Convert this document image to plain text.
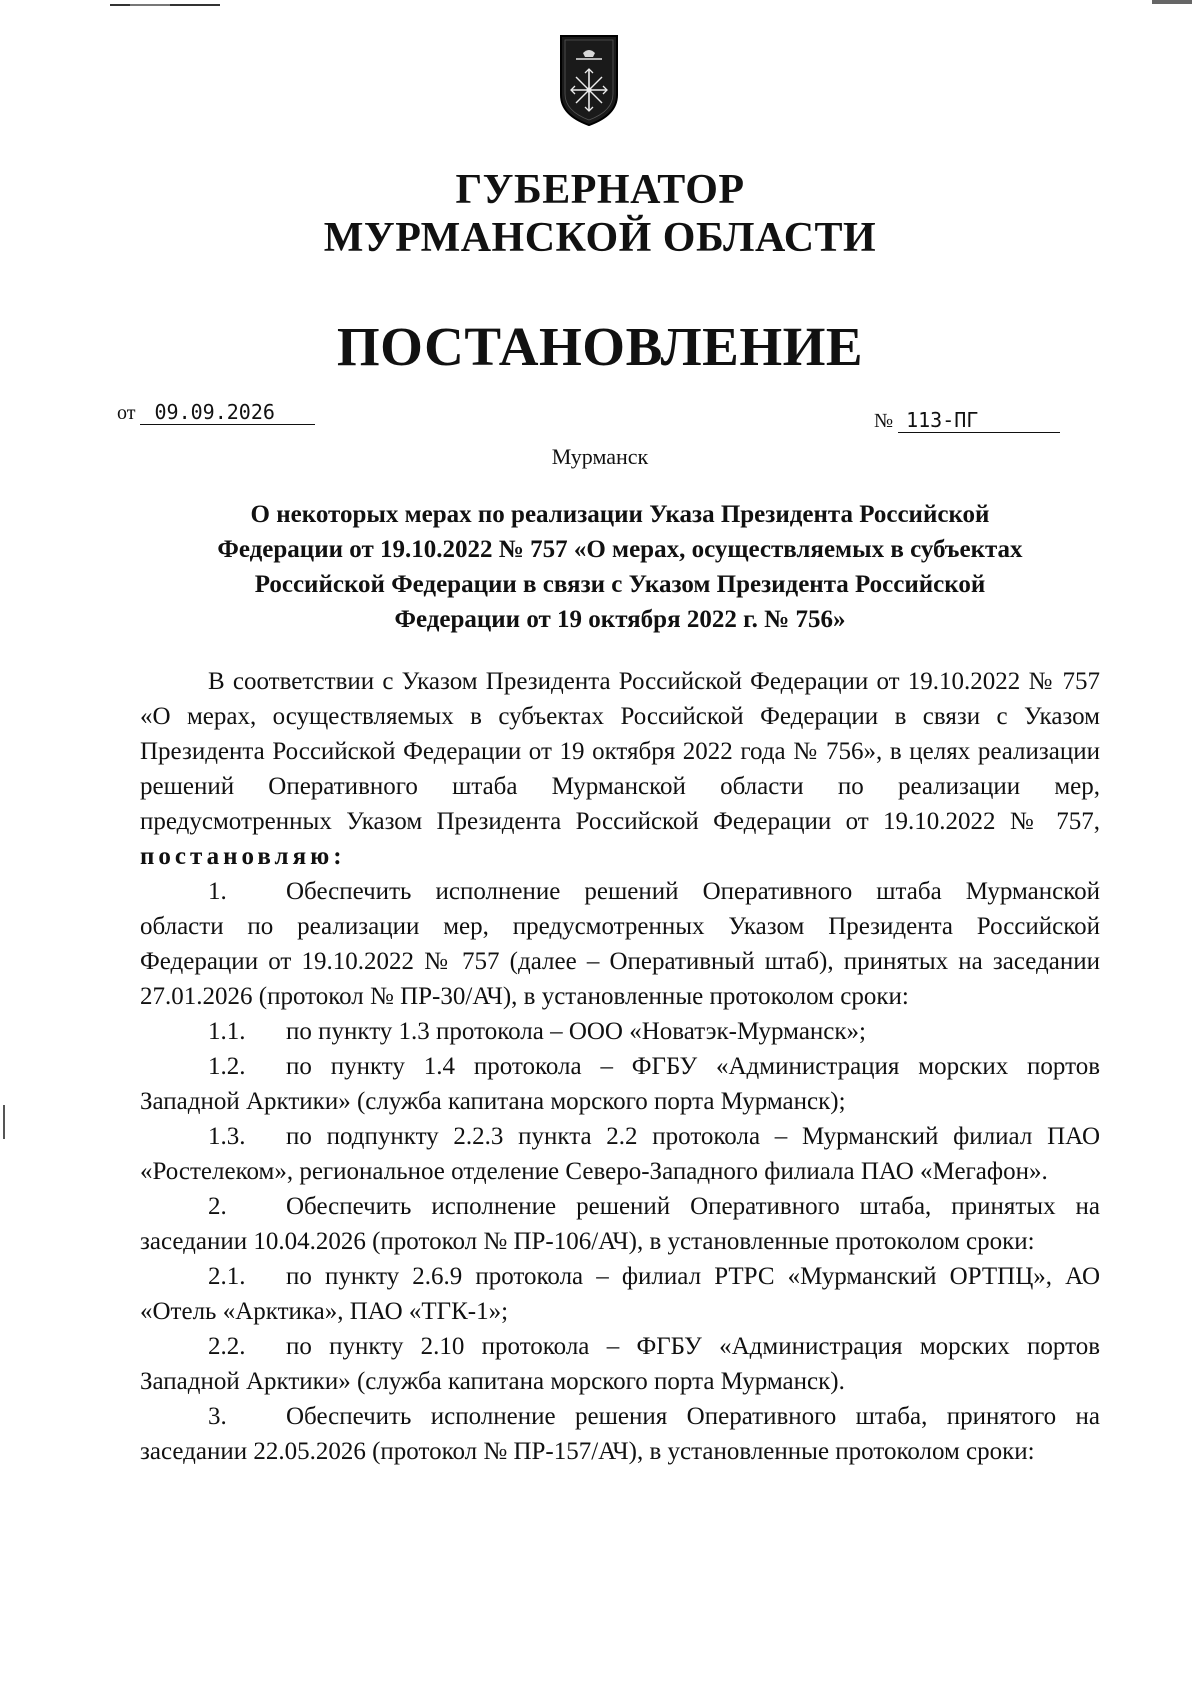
ГУБЕРНАТОР
МУРМАНСКОЙ ОБЛАСТИ
ПОСТАНОВЛЕНИЕ
от 09.09.2026	№ 113-ПГ
Мурманск
О некоторых мерах по реализации Указа Президента Российской
Федерации от 19.10.2022 № 757 «О мерах, осуществляемых в субъектах
Российской Федерации в связи с Указом Президента Российской
Федерации от 19 октября 2022 г. № 756»

В соответствии с Указом Президента Российской Федерации от 19.10.2022 № 757 «О мерах, осуществляемых в субъектах Российской Федерации в связи с Указом Президента Российской Федерации от 19 октября 2022 года № 756», в целях реализации решений Оперативного штаба Мурманской области по реализации мер, предусмотренных Указом Президента Российской Федерации от 19.10.2022 № 757, постановляю:

1. Обеспечить исполнение решений Оперативного штаба Мурманской области по реализации мер, предусмотренных Указом Президента Российской Федерации от 19.10.2022 № 757 (далее – Оперативный штаб), принятых на заседании 27.01.2026 (протокол № ПР-30/АЧ), в установленные протоколом сроки:

1.1. по пункту 1.3 протокола – ООО «Новатэк-Мурманск»;

1.2. по пункту 1.4 протокола – ФГБУ «Администрация морских портов Западной Арктики» (служба капитана морского порта Мурманск);

1.3. по подпункту 2.2.3 пункта 2.2 протокола – Мурманский филиал ПАО «Ростелеком», региональное отделение Северо-Западного филиала ПАО «Мегафон».

2. Обеспечить исполнение решений Оперативного штаба, принятых на заседании 10.04.2026 (протокол № ПР-106/АЧ), в установленные протоколом сроки:

2.1. по пункту 2.6.9 протокола – филиал РТРС «Мурманский ОРТПЦ», АО «Отель «Арктика», ПАО «ТГК-1»;

2.2. по пункту 2.10 протокола – ФГБУ «Администрация морских портов Западной Арктики» (служба капитана морского порта Мурманск).

3. Обеспечить исполнение решения Оперативного штаба, принятого на заседании 22.05.2026 (протокол № ПР-157/АЧ), в установленные протоколом сроки:
